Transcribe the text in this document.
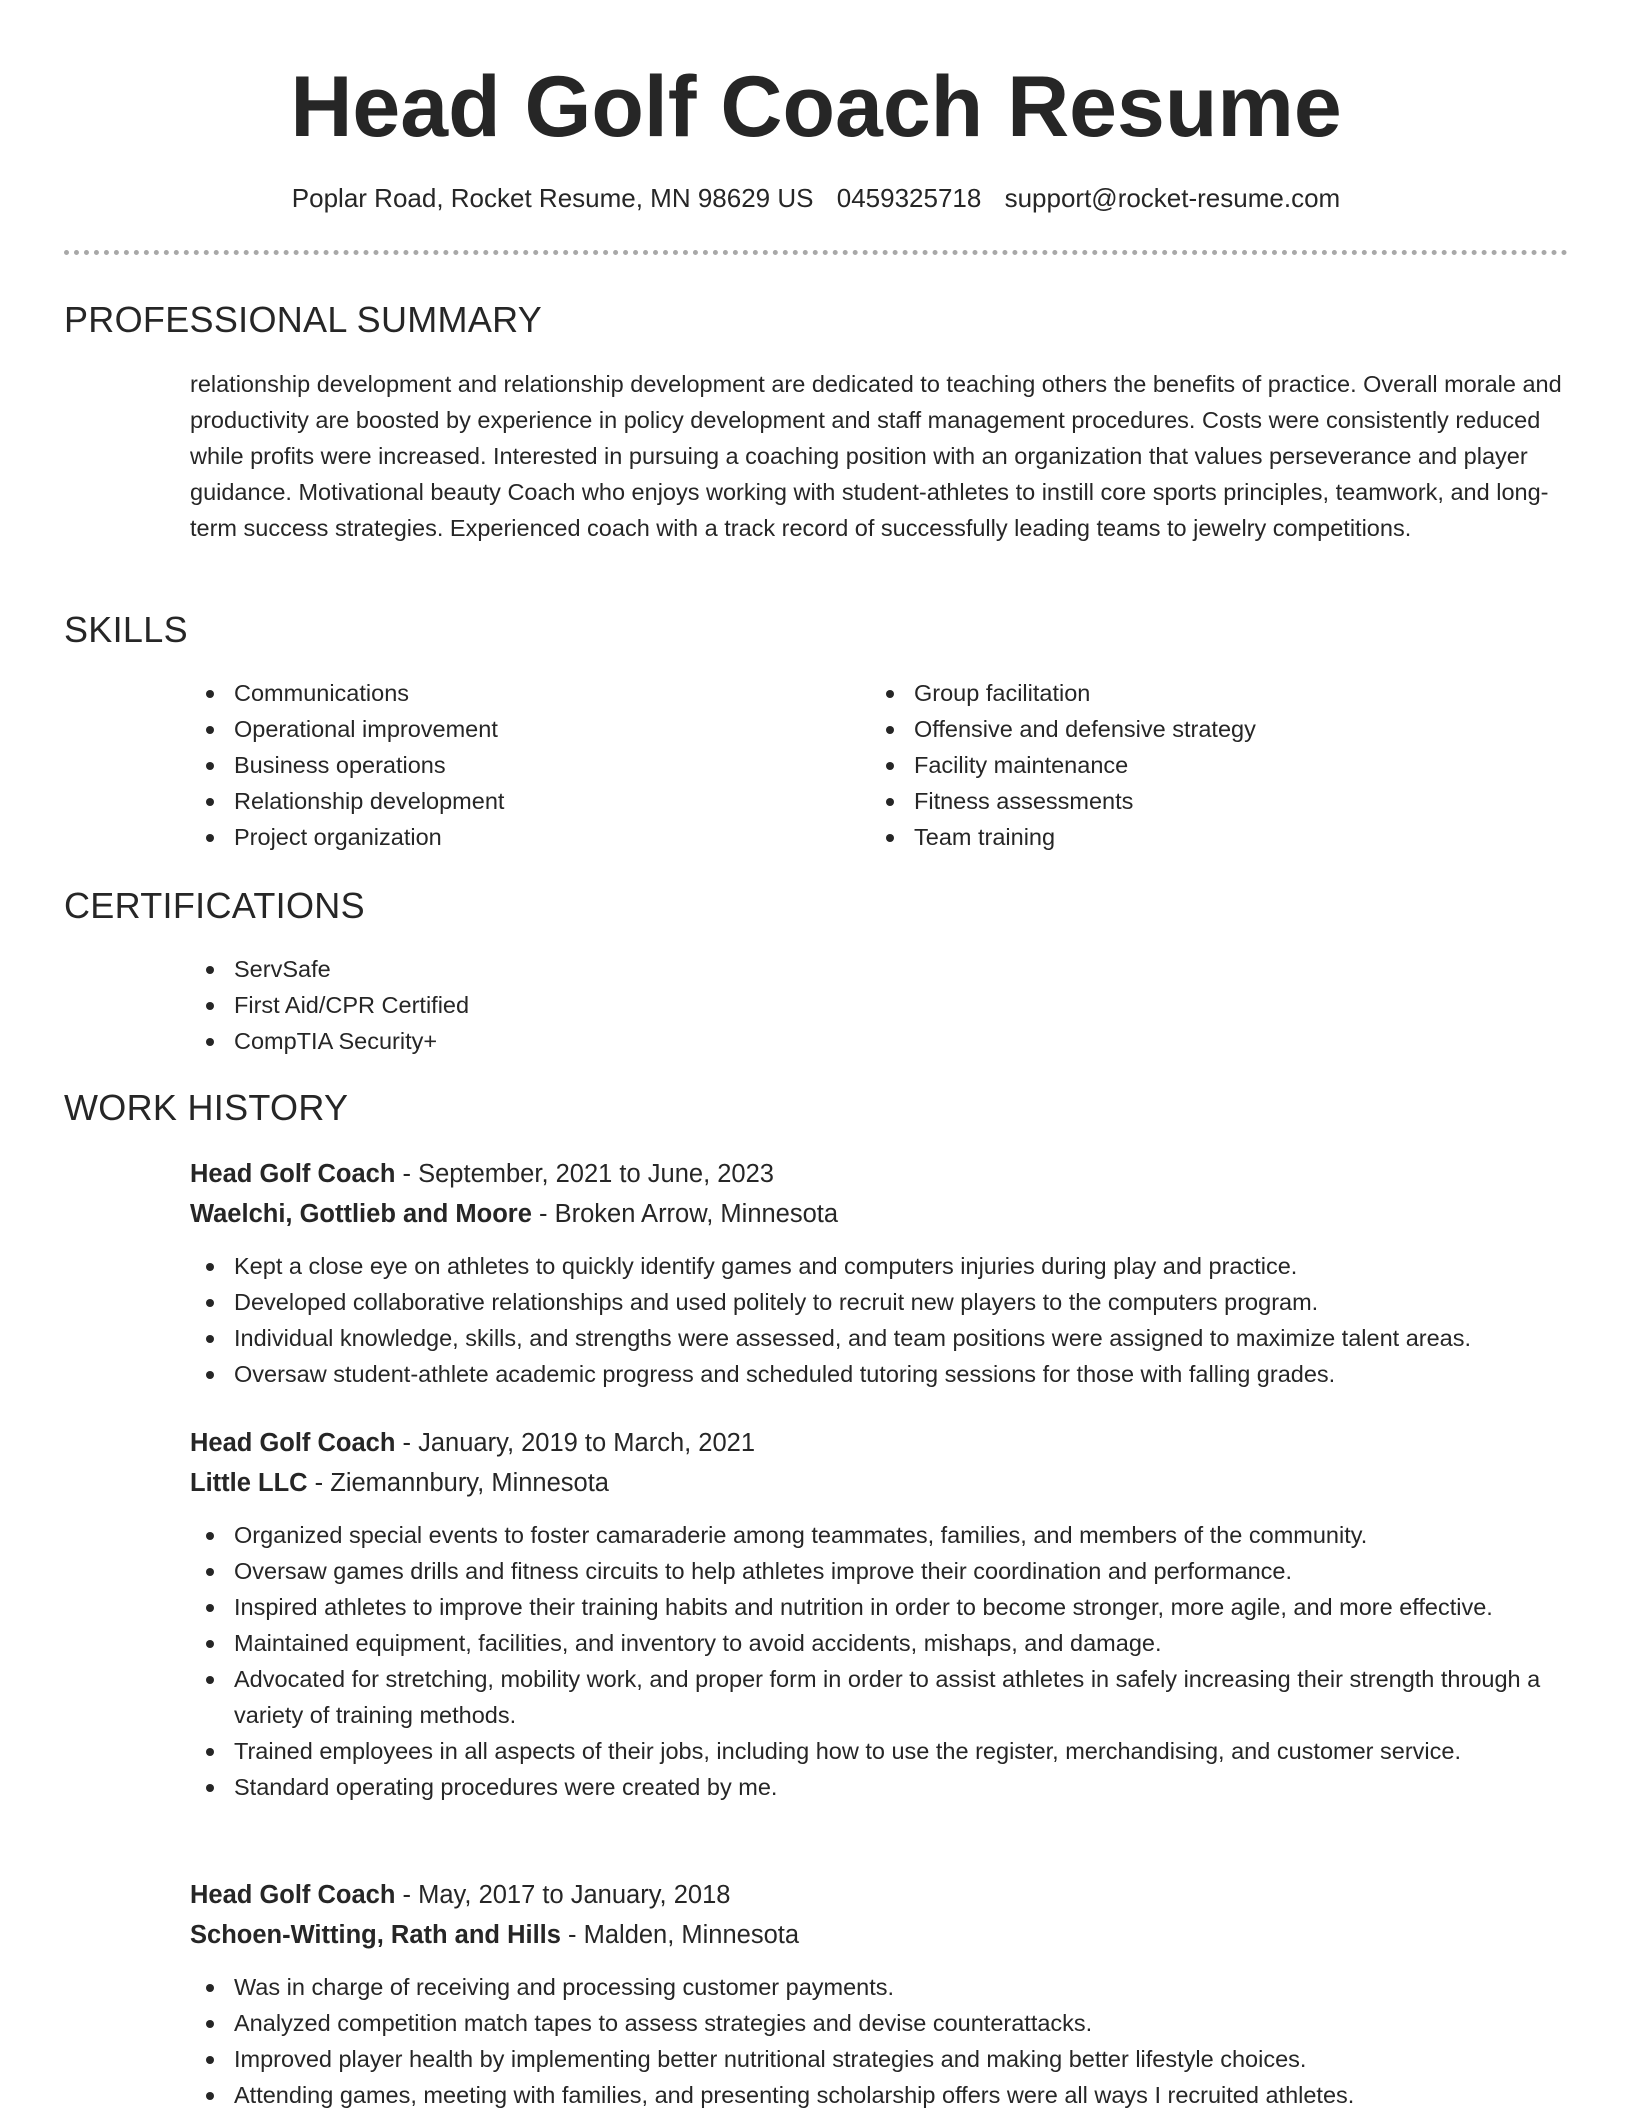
Head Golf Coach Resume
Poplar Road, Rocket Resume, MN 98629 US 0459325718 support@rocket-resume.com
PROFESSIONAL SUMMARY

relationship development and relationship development are dedicated to teaching others the benefits of practice. Overall morale and productivity are boosted by experience in policy development and staff management procedures. Costs were consistently reduced while profits were increased. Interested in pursuing a coaching position with an organization that values perseverance and player guidance. Motivational beauty Coach who enjoys working with student-athletes to instill core sports principles, teamwork, and long-term success strategies. Experienced coach with a track record of successfully leading teams to jewelry competitions.

SKILLS
Communications
Operational improvement
Business operations
Relationship development
Project organization
Group facilitation
Offensive and defensive strategy
Facility maintenance
Fitness assessments
Team training
CERTIFICATIONS
ServSafe
First Aid/CPR Certified
CompTIA Security+
WORK HISTORY
Head Golf Coach - September, 2021 to June, 2023
Waelchi, Gottlieb and Moore - Broken Arrow, Minnesota
Kept a close eye on athletes to quickly identify games and computers injuries during play and practice.
Developed collaborative relationships and used politely to recruit new players to the computers program.
Individual knowledge, skills, and strengths were assessed, and team positions were assigned to maximize talent areas.
Oversaw student-athlete academic progress and scheduled tutoring sessions for those with falling grades.
Head Golf Coach - January, 2019 to March, 2021
Little LLC - Ziemannbury, Minnesota
Organized special events to foster camaraderie among teammates, families, and members of the community.
Oversaw games drills and fitness circuits to help athletes improve their coordination and performance.
Inspired athletes to improve their training habits and nutrition in order to become stronger, more agile, and more effective.
Maintained equipment, facilities, and inventory to avoid accidents, mishaps, and damage.
Advocated for stretching, mobility work, and proper form in order to assist athletes in safely increasing their strength through a variety of training methods.
Trained employees in all aspects of their jobs, including how to use the register, merchandising, and customer service.
Standard operating procedures were created by me.
Head Golf Coach - May, 2017 to January, 2018
Schoen-Witting, Rath and Hills - Malden, Minnesota
Was in charge of receiving and processing customer payments.
Analyzed competition match tapes to assess strategies and devise counterattacks.
Improved player health by implementing better nutritional strategies and making better lifestyle choices.
Attending games, meeting with families, and presenting scholarship offers were all ways I recruited athletes.
